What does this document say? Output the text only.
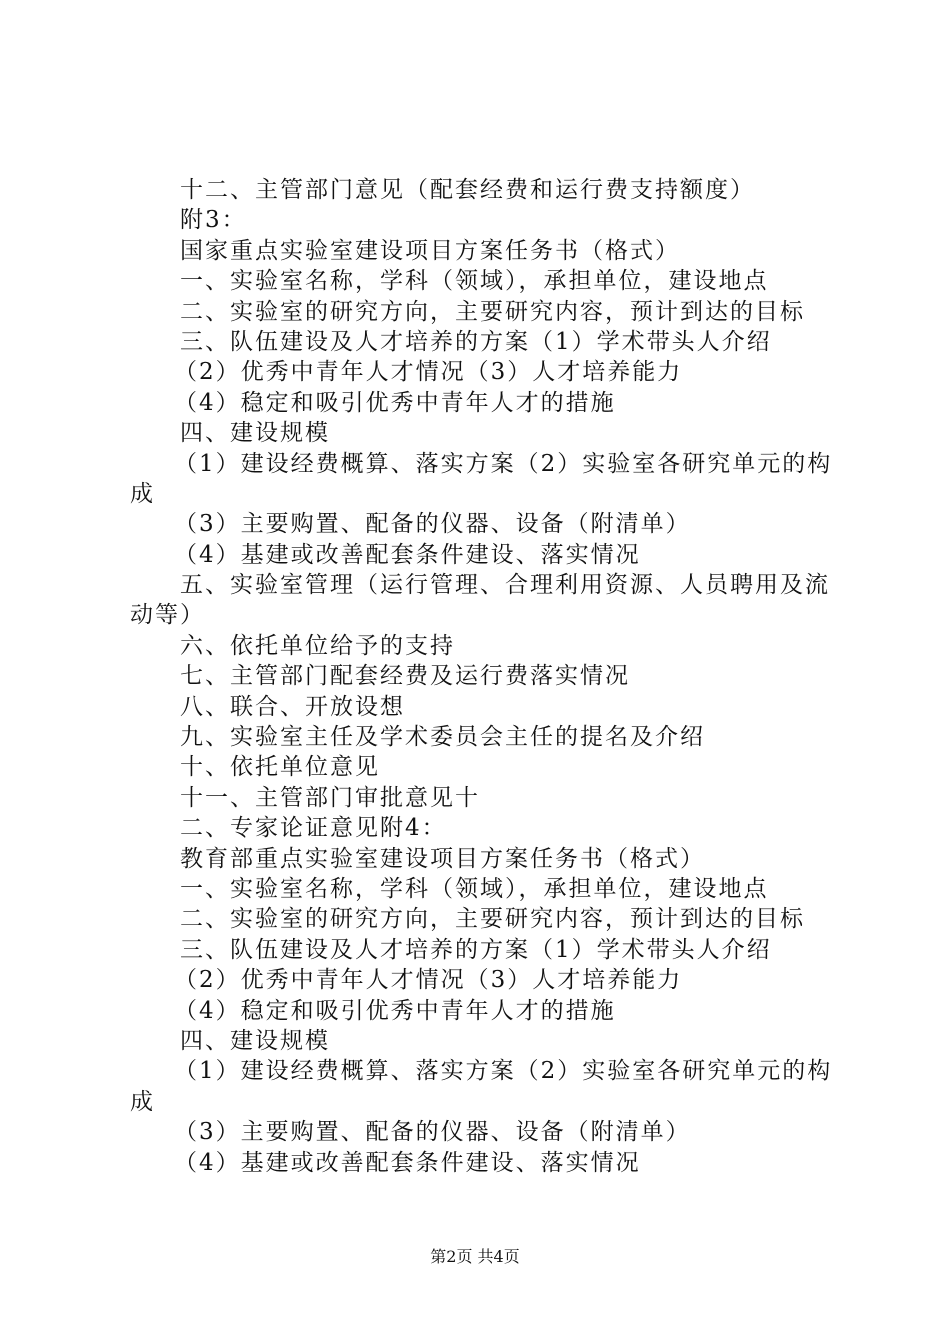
十二、主管部门意见（配套经费和运行费支持额度）
附3：
国家重点实验室建设项目方案任务书（格式）
一、实验室名称，学科（领域），承担单位，建设地点
二、实验室的研究方向，主要研究内容，预计到达的目标
三、队伍建设及人才培养的方案（1）学术带头人介绍
（2）优秀中青年人才情况（3）人才培养能力
（4）稳定和吸引优秀中青年人才的措施
四、建设规模
（1）建设经费概算、落实方案（2）实验室各研究单元的构
成
（3）主要购置、配备的仪器、设备（附清单）
（4）基建或改善配套条件建设、落实情况
五、实验室管理（运行管理、合理利用资源、人员聘用及流
动等）
六、依托单位给予的支持
七、主管部门配套经费及运行费落实情况
八、联合、开放设想
九、实验室主任及学术委员会主任的提名及介绍
十、依托单位意见
十一、主管部门审批意见十
二、专家论证意见附4：
教育部重点实验室建设项目方案任务书（格式）
一、实验室名称，学科（领域），承担单位，建设地点
二、实验室的研究方向，主要研究内容，预计到达的目标
三、队伍建设及人才培养的方案（1）学术带头人介绍
（2）优秀中青年人才情况（3）人才培养能力
（4）稳定和吸引优秀中青年人才的措施
四、建设规模
（1）建设经费概算、落实方案（2）实验室各研究单元的构
成
（3）主要购置、配备的仪器、设备（附清单）
（4）基建或改善配套条件建设、落实情况
第2页 共4页
